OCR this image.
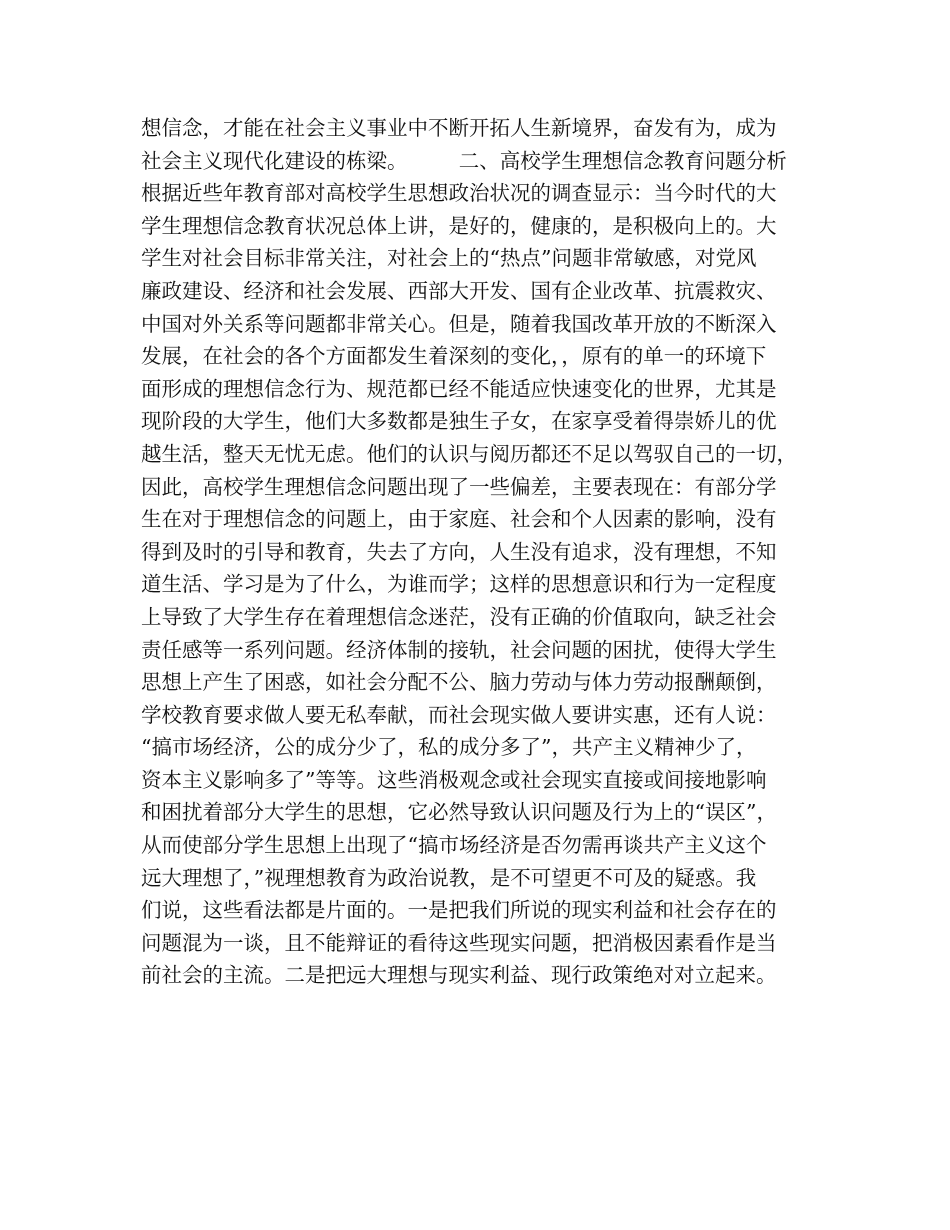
想信念，才能在社会主义事业中不断开拓人生新境界，奋发有为，成为
社会主义现代化建设的栋梁。　　　二、高校学生理想信念教育问题分析
根据近些年教育部对高校学生思想政治状况的调查显示：当今时代的大
学生理想信念教育状况总体上讲，是好的，健康的，是积极向上的。大
学生对社会目标非常关注，对社会上的“热点”问题非常敏感，对党风
廉政建设、经济和社会发展、西部大开发、国有企业改革、抗震救灾、
中国对外关系等问题都非常关心。但是，随着我国改革开放的不断深入
发展，在社会的各个方面都发生着深刻的变化，，原有的单一的环境下
面形成的理想信念行为、规范都已经不能适应快速变化的世界，尤其是
现阶段的大学生，他们大多数都是独生子女，在家享受着得崇娇儿的优
越生活，整天无忧无虑。他们的认识与阅历都还不足以驾驭自己的一切，
因此，高校学生理想信念问题出现了一些偏差，主要表现在：有部分学
生在对于理想信念的问题上，由于家庭、社会和个人因素的影响，没有
得到及时的引导和教育，失去了方向，人生没有追求，没有理想，不知
道生活、学习是为了什么，为谁而学；这样的思想意识和行为一定程度
上导致了大学生存在着理想信念迷茫，没有正确的价值取向，缺乏社会
责任感等一系列问题。经济体制的接轨，社会问题的困扰，使得大学生
思想上产生了困惑，如社会分配不公、脑力劳动与体力劳动报酬颠倒，
学校教育要求做人要无私奉献，而社会现实做人要讲实惠，还有人说：
“搞市场经济，公的成分少了，私的成分多了”，共产主义精神少了，
资本主义影响多了”等等。这些消极观念或社会现实直接或间接地影响
和困扰着部分大学生的思想，它必然导致认识问题及行为上的“误区”，
从而使部分学生思想上出现了“搞市场经济是否勿需再谈共产主义这个
远大理想了，”视理想教育为政治说教，是不可望更不可及的疑惑。我
们说，这些看法都是片面的。一是把我们所说的现实利益和社会存在的
问题混为一谈，且不能辩证的看待这些现实问题，把消极因素看作是当
前社会的主流。二是把远大理想与现实利益、现行政策绝对对立起来。
